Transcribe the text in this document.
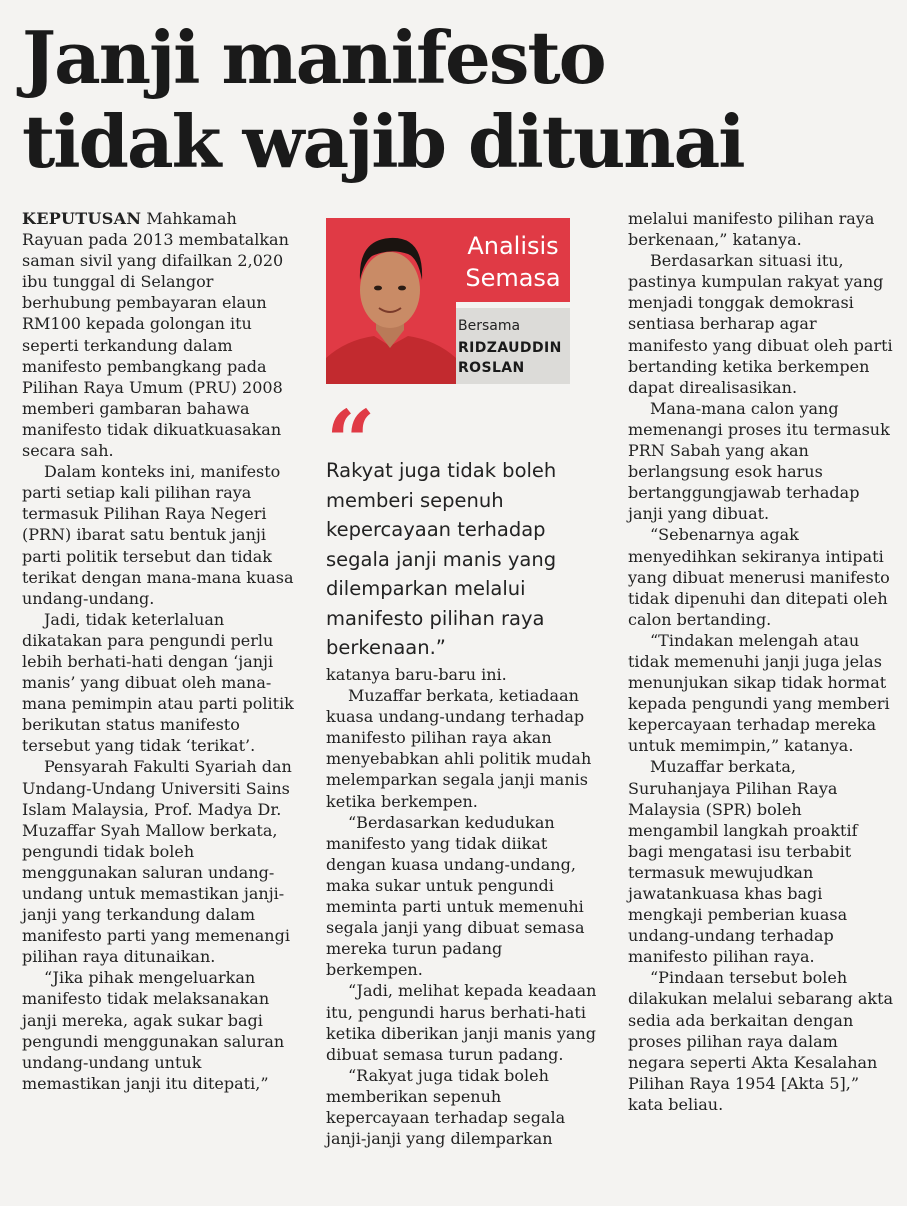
Janji manifesto
tidak wajib ditunai

KEPUTUSAN Mahkamah Rayuan pada 2013 membatalkan saman sivil yang difailkan 2,020 ibu tunggal di Selangor berhubung pembayaran elaun RM100 kepada golongan itu seperti terkandung dalam manifesto pembangkang pada Pilihan Raya Umum (PRU) 2008 memberi gambaran bahawa manifesto tidak dikuatkuasakan secara sah.

Dalam konteks ini, manifesto parti setiap kali pilihan raya termasuk Pilihan Raya Negeri (PRN) ibarat satu bentuk janji parti politik tersebut dan tidak terikat dengan mana-mana kuasa undang-undang.

Jadi, tidak keterlaluan dikatakan para pengundi perlu lebih berhati-hati dengan ‘janji manis’ yang dibuat oleh mana-mana pemimpin atau parti politik berikutan status manifesto tersebut yang tidak ‘terikat’.

Pensyarah Fakulti Syariah dan Undang-Undang Universiti Sains Islam Malaysia, Prof. Madya Dr. Muzaffar Syah Mallow berkata, pengundi tidak boleh menggunakan saluran undang-undang untuk memastikan janji-janji yang terkandung dalam manifesto parti yang memenangi pilihan raya ditunaikan.

“Jika pihak mengeluarkan manifesto tidak melaksanakan janji mereka, agak sukar bagi pengundi menggunakan saluran undang-undang untuk memastikan janji itu ditepati,”

Analisis
Semasa
Bersama
RIDZAUDDIN
ROSLAN
“

Rakyat juga tidak boleh memberi sepenuh kepercayaan terhadap segala janji manis yang dilemparkan melalui manifesto pilihan raya berkenaan.”

katanya baru-baru ini.

Muzaffar berkata, ketiadaan kuasa undang-undang terhadap manifesto pilihan raya akan menyebabkan ahli politik mudah melemparkan segala janji manis ketika berkempen.

“Berdasarkan kedudukan manifesto yang tidak diikat dengan kuasa undang-undang, maka sukar untuk pengundi meminta parti untuk memenuhi segala janji yang dibuat semasa mereka turun padang berkempen.

“Jadi, melihat kepada keadaan itu, pengundi harus berhati-hati ketika diberikan janji manis yang dibuat semasa turun padang.

“Rakyat juga tidak boleh memberikan sepenuh kepercayaan terhadap segala janji-janji yang dilemparkan

melalui manifesto pilihan raya berkenaan,” katanya.

Berdasarkan situasi itu, pastinya kumpulan rakyat yang menjadi tonggak demokrasi sentiasa berharap agar manifesto yang dibuat oleh parti bertanding ketika berkempen dapat direalisasikan.

Mana-mana calon yang memenangi proses itu termasuk PRN Sabah yang akan berlangsung esok harus bertanggungjawab terhadap janji yang dibuat.

“Sebenarnya agak menyedihkan sekiranya intipati yang dibuat menerusi manifesto tidak dipenuhi dan ditepati oleh calon bertanding.

“Tindakan melengah atau tidak memenuhi janji juga jelas menunjukan sikap tidak hormat kepada pengundi yang memberi kepercayaan terhadap mereka untuk memimpin,” katanya.

Muzaffar berkata, Suruhanjaya Pilihan Raya Malaysia (SPR) boleh mengambil langkah proaktif bagi mengatasi isu terbabit termasuk mewujudkan jawatankuasa khas bagi mengkaji pemberian kuasa undang-undang terhadap manifesto pilihan raya.

“Pindaan tersebut boleh dilakukan melalui sebarang akta sedia ada berkaitan dengan proses pilihan raya dalam negara seperti Akta Kesalahan Pilihan Raya 1954 [Akta 5],” kata beliau.
